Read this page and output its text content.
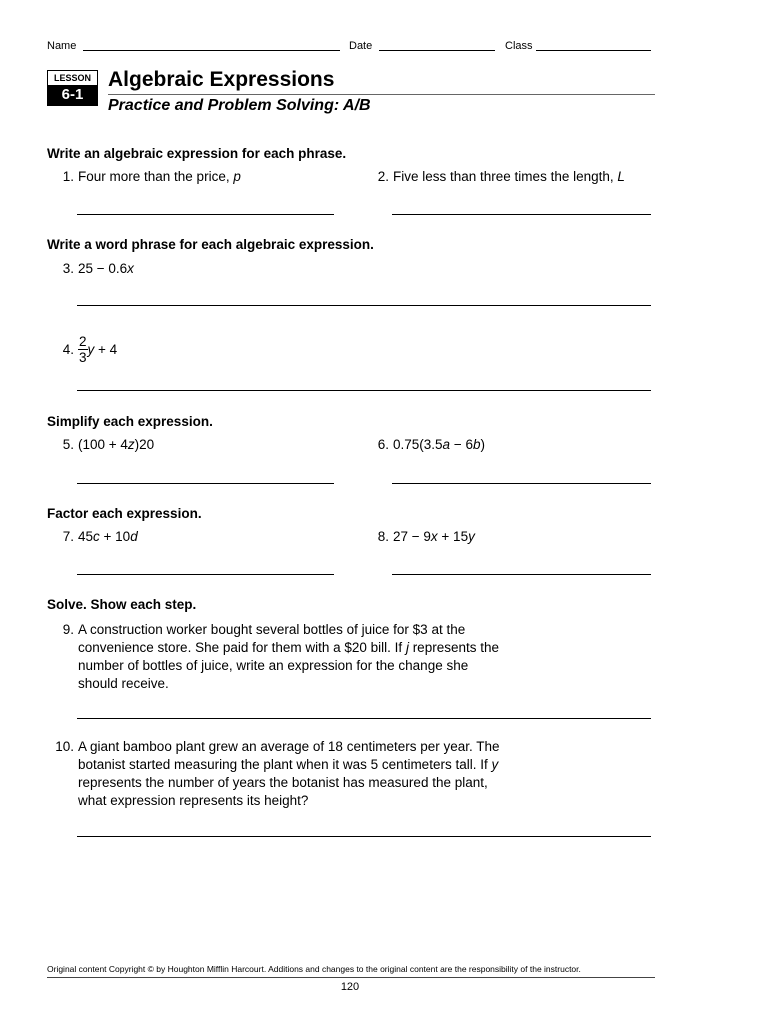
Name	Date	Class
LESSON
6-1
Algebraic Expressions
Practice and Problem Solving: A/B
Write an algebraic expression for each phrase.
1. Four more than the price, p	2. Five less than three times the length, L
Write a word phrase for each algebraic expression.
3. 25 − 0.6x
4. $\frac{2}{3}$ y + 4
Simplify each expression.
5. (100 + 4z)20	6. 0.75(3.5a − 6b)
Factor each expression.
7. 45c + 10d	8. 27 − 9x + 15y
Solve. Show each step.
9. A construction worker bought several bottles of juice for $3 at the
convenience store. She paid for them with a $20 bill. If j represents the
number of bottles of juice, write an expression for the change she
should receive.
10. A giant bamboo plant grew an average of 18 centimeters per year. The
botanist started measuring the plant when it was 5 centimeters tall. If y
represents the number of years the botanist has measured the plant,
what expression represents its height?
Original content Copyright © by Houghton Mifflin Harcourt. Additions and changes to the original content are the responsibility of the instructor.
120
